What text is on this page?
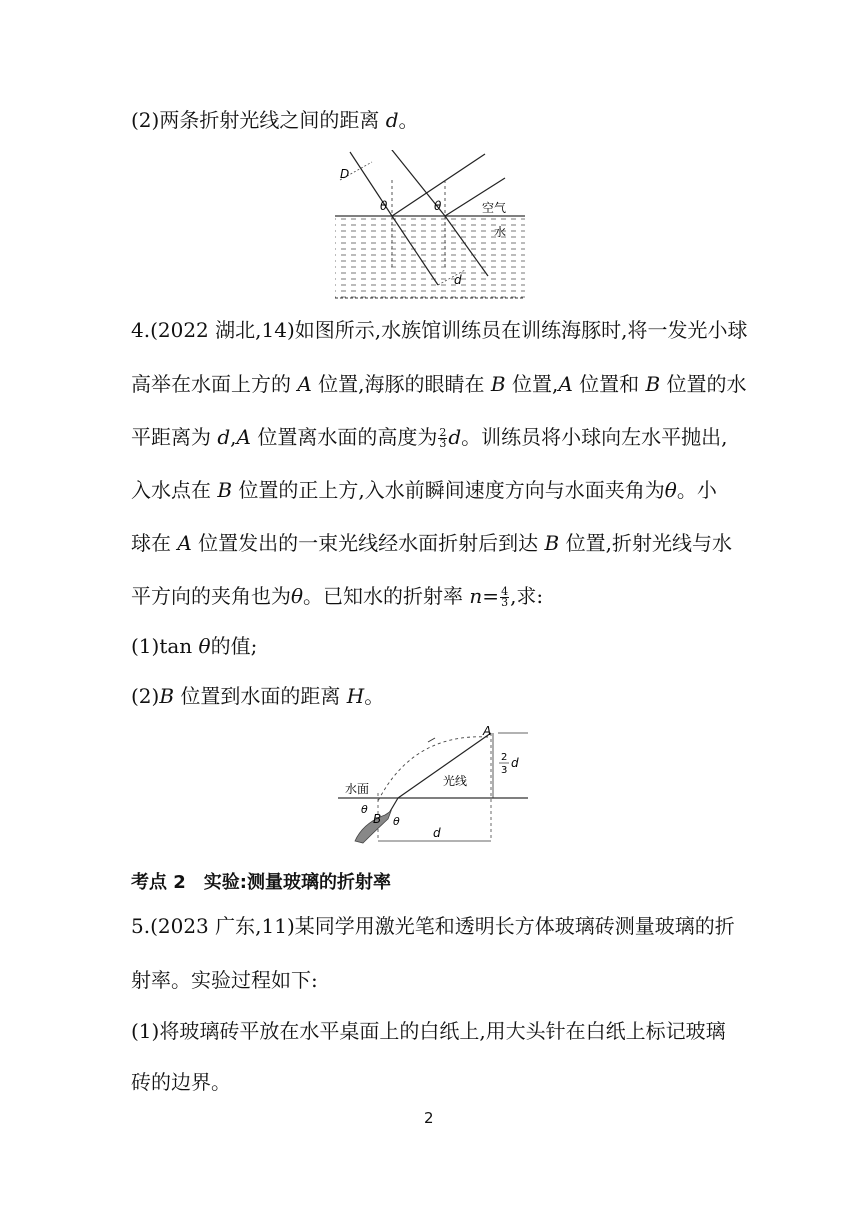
(2)两条折射光线之间的距离 d。
D
θ	θ	空气
水
d
4.(2022 湖北,14)如图所示,水族馆训练员在训练海豚时,将一发光小球
高举在水面上方的 A 位置,海豚的眼睛在 B 位置,A 位置和 B 位置的水
平距离为 d,A 位置离水面的高度为 $\frac{2}{3}$ d。训练员将小球向左水平抛出,
入水点在 B 位置的正上方,入水前瞬间速度方向与水面夹角为θ。小
球在 A 位置发出的一束光线经水面折射后到达 B 位置,折射光线与水
平方向的夹角也为θ。已知水的折射率 $n= \frac{4}{3}$ ,求:
(1)tan θ的值;
(2)B 位置到水面的距离 H。
A
B
水面
光线
θ
θ
d
2
3
d
考点 2　实验:测量玻璃的折射率
5.(2023 广东,11)某同学用激光笔和透明长方体玻璃砖测量玻璃的折
射率。实验过程如下:
(1)将玻璃砖平放在水平桌面上的白纸上,用大头针在白纸上标记玻璃
砖的边界。
2
